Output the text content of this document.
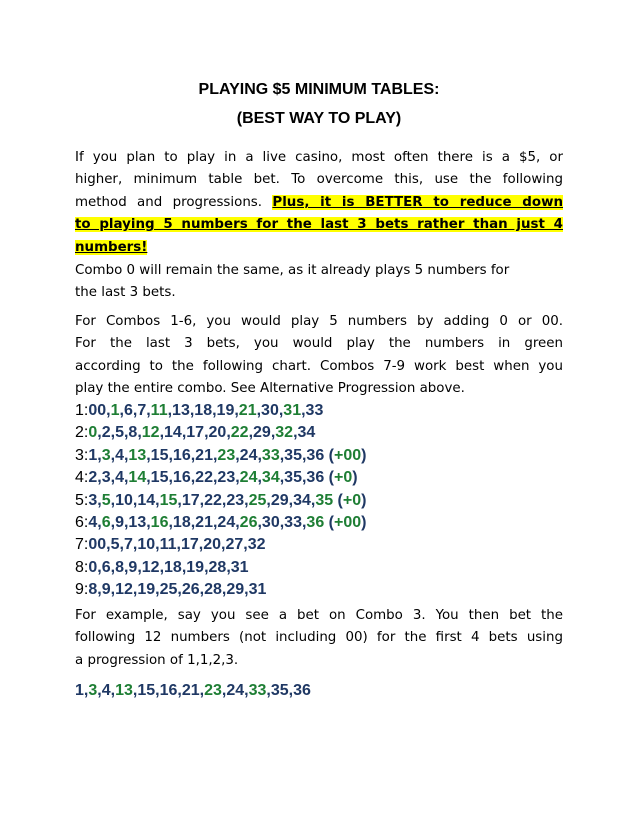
PLAYING $5 MINIMUM TABLES:
(BEST WAY TO PLAY)
If you plan to play in a live casino, most often there is a $5, or
higher, minimum table bet. To overcome this, use the following
method and progressions. Plus, it is BETTER to reduce down
to playing 5 numbers for the last 3 bets rather than just 4
numbers!
Combo 0 will remain the same, as it already plays 5 numbers for
the last 3 bets.
For Combos 1-6, you would play 5 numbers by adding 0 or 00.
For the last 3 bets, you would play the numbers in green
according to the following chart. Combos 7-9 work best when you
play the entire combo. See Alternative Progression above.
1:00,1,6,7,11,13,18,19,21,30,31,33
2:0,2,5,8,12,14,17,20,22,29,32,34
3:1,3,4,13,15,16,21,23,24,33,35,36 (+00)
4:2,3,4,14,15,16,22,23,24,34,35,36 (+0)
5:3,5,10,14,15,17,22,23,25,29,34,35 (+0)
6:4,6,9,13,16,18,21,24,26,30,33,36 (+00)
7:00,5,7,10,11,17,20,27,32
8:0,6,8,9,12,18,19,28,31
9:8,9,12,19,25,26,28,29,31
For example, say you see a bet on Combo 3. You then bet the
following 12 numbers (not including 00) for the first 4 bets using
a progression of 1,1,2,3.
1,3,4,13,15,16,21,23,24,33,35,36
